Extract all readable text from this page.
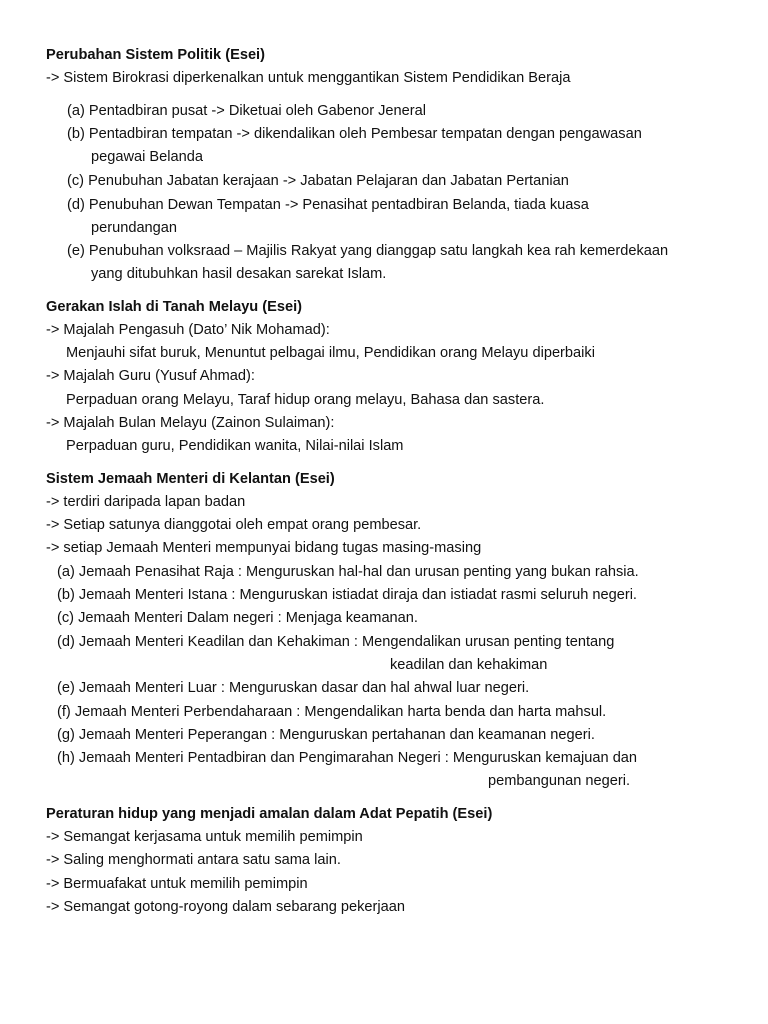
Perubahan Sistem Politik (Esei)
-> Sistem Birokrasi diperkenalkan untuk menggantikan Sistem Pendidikan Beraja
(a) Pentadbiran pusat -> Diketuai oleh Gabenor Jeneral
(b) Pentadbiran tempatan -> dikendalikan oleh Pembesar tempatan dengan pengawasan
pegawai Belanda
(c) Penubuhan Jabatan kerajaan -> Jabatan Pelajaran dan Jabatan Pertanian
(d) Penubuhan Dewan Tempatan -> Penasihat pentadbiran Belanda, tiada kuasa
perundangan
(e) Penubuhan volksraad – Majilis Rakyat yang dianggap satu langkah kea rah kemerdekaan
yang ditubuhkan hasil desakan sarekat Islam.
Gerakan Islah di Tanah Melayu (Esei)
-> Majalah Pengasuh (Dato’ Nik Mohamad):
Menjauhi sifat buruk, Menuntut pelbagai ilmu, Pendidikan orang Melayu diperbaiki
-> Majalah Guru (Yusuf Ahmad):
Perpaduan orang Melayu, Taraf hidup orang melayu, Bahasa dan sastera.
-> Majalah Bulan Melayu (Zainon Sulaiman):
Perpaduan guru, Pendidikan wanita, Nilai-nilai Islam
Sistem Jemaah Menteri di Kelantan (Esei)
-> terdiri daripada lapan badan
-> Setiap satunya dianggotai oleh empat orang pembesar.
-> setiap Jemaah Menteri mempunyai bidang tugas masing-masing
(a) Jemaah Penasihat Raja : Menguruskan hal-hal dan urusan penting yang bukan rahsia.
(b) Jemaah Menteri Istana : Menguruskan istiadat diraja dan istiadat rasmi seluruh negeri.
(c) Jemaah Menteri Dalam negeri : Menjaga keamanan.
(d) Jemaah Menteri Keadilan dan Kehakiman : Mengendalikan urusan penting tentang
keadilan dan kehakiman
(e) Jemaah Menteri Luar : Menguruskan dasar dan hal ahwal luar negeri.
(f) Jemaah Menteri Perbendaharaan : Mengendalikan harta benda dan harta mahsul.
(g) Jemaah Menteri Peperangan : Menguruskan pertahanan dan keamanan negeri.
(h) Jemaah Menteri Pentadbiran dan Pengimarahan Negeri : Menguruskan kemajuan dan
pembangunan negeri.
Peraturan hidup yang menjadi amalan dalam Adat Pepatih (Esei)
-> Semangat kerjasama untuk memilih pemimpin
-> Saling menghormati antara satu sama lain.
-> Bermuafakat untuk memilih pemimpin
-> Semangat gotong-royong dalam sebarang pekerjaan
